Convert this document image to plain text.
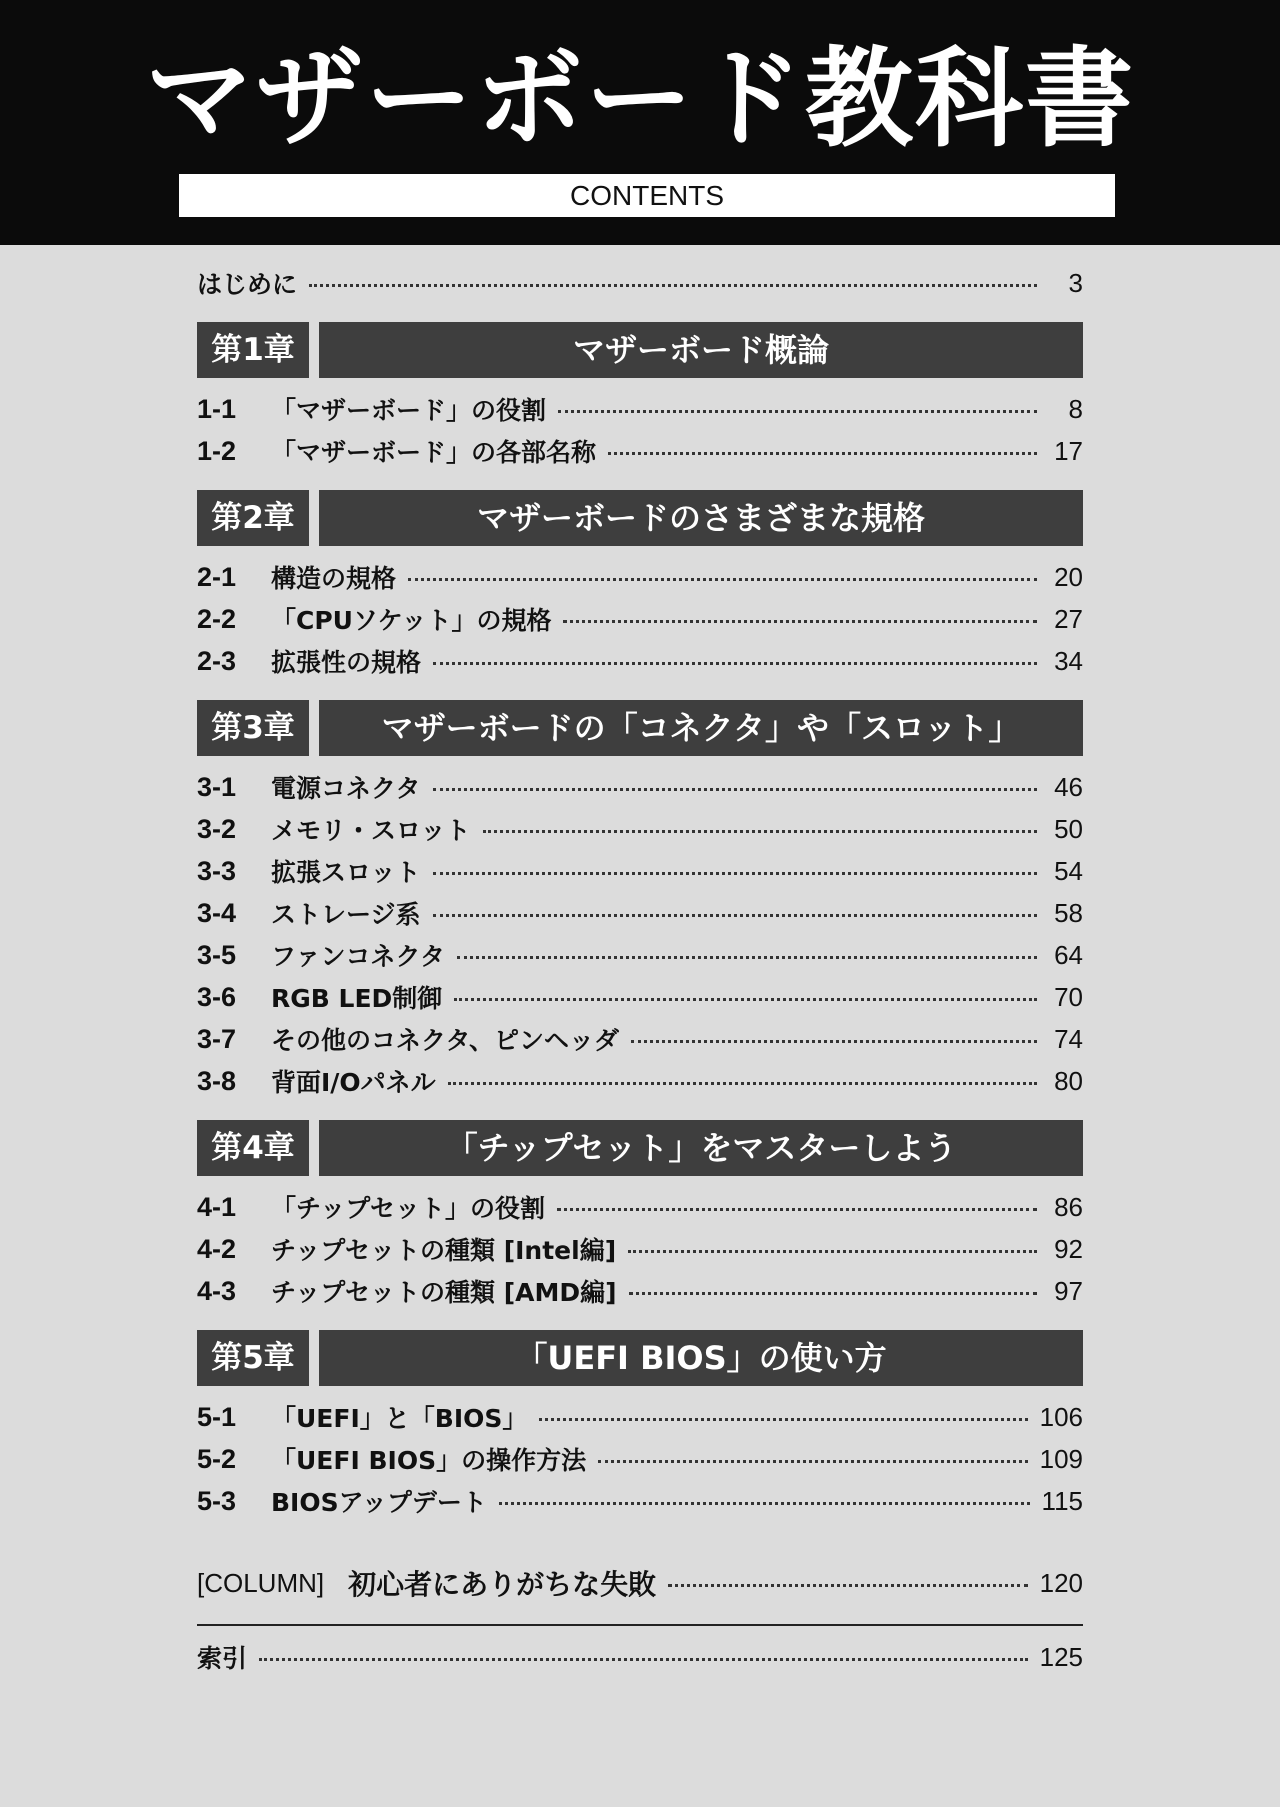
マザーボード教科書
CONTENTS
はじめに	3
第1章	マザーボード概論
1-1	「マザーボード」の役割	8
1-2	「マザーボード」の各部名称	17
第2章	マザーボードのさまざまな規格
2-1	構造の規格	20
2-2	「CPUソケット」の規格	27
2-3	拡張性の規格	34
第3章	マザーボードの「コネクタ」や「スロット」
3-1	電源コネクタ	46
3-2	メモリ・スロット	50
3-3	拡張スロット	54
3-4	ストレージ系	58
3-5	ファンコネクタ	64
3-6	RGB LED制御	70
3-7	その他のコネクタ、ピンヘッダ	74
3-8	背面I/Oパネル	80
第4章	「チップセット」をマスターしよう
4-1	「チップセット」の役割	86
4-2	チップセットの種類 [Intel編]	92
4-3	チップセットの種類 [AMD編]	97
第5章	「UEFI BIOS」の使い方
5-1	「UEFI」と「BIOS」	106
5-2	「UEFI BIOS」の操作方法	109
5-3	BIOSアップデート	115
[COLUMN] 初心者にありがちな失敗	120
索引	125
